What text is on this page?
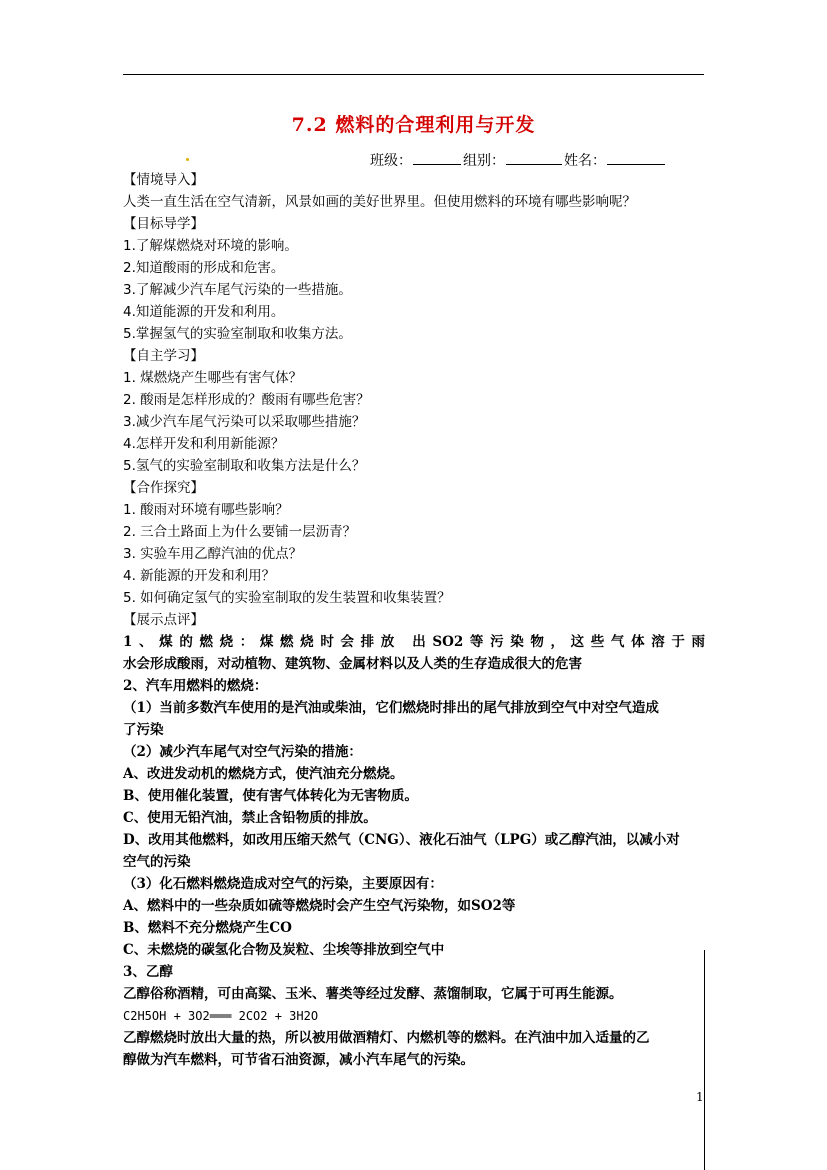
7.2 燃料的合理利用与开发
班级：	组别：	姓名：
【情境导入】
人类一直生活在空气清新，风景如画的美好世界里。但使用燃料的环境有哪些影响呢？
【目标导学】
1.了解煤燃烧对环境的影响。
2.知道酸雨的形成和危害。
3.了解减少汽车尾气污染的一些措施。
4.知道能源的开发和利用。
5.掌握氢气的实验室制取和收集方法。
【自主学习】
1. 煤燃烧产生哪些有害气体？
2. 酸雨是怎样形成的？酸雨有哪些危害？
3.减少汽车尾气污染可以采取哪些措施？
4.怎样开发和利用新能源？
5.氢气的实验室制取和收集方法是什么？
【合作探究】
1. 酸雨对环境有哪些影响？
2. 三合土路面上为什么要铺一层沥青？
3. 实验车用乙醇汽油的优点？
4. 新能源的开发和利用？
5. 如何确定氢气的实验室制取的发生装置和收集装置？
【展示点评】
1、煤的燃烧：煤燃烧时会排放 出SO2等污染物，这些气体溶于雨
水会形成酸雨，对动植物、建筑物、金属材料以及人类的生存造成很大的危害
2、汽车用燃料的燃烧：
（1）当前多数汽车使用的是汽油或柴油，它们燃烧时排出的尾气排放到空气中对空气造成
了污染
（2）减少汽车尾气对空气污染的措施：
A、改进发动机的燃烧方式，使汽油充分燃烧。
B、使用催化装置，使有害气体转化为无害物质。
C、使用无铅汽油，禁止含铅物质的排放。
D、改用其他燃料，如改用压缩天然气（CNG）、液化石油气（LPG）或乙醇汽油，以减小对
空气的污染
（3）化石燃料燃烧造成对空气的污染，主要原因有：
A、燃料中的一些杂质如硫等燃烧时会产生空气污染物，如SO2等
B、燃料不充分燃烧产生CO
C、未燃烧的碳氢化合物及炭粒、尘埃等排放到空气中
3、乙醇
乙醇俗称酒精，可由高粱、玉米、薯类等经过发酵、蒸馏制取，它属于可再生能源。
C2H5OH + 3O2═══ 2CO2 + 3H2O
乙醇燃烧时放出大量的热，所以被用做酒精灯、内燃机等的燃料。在汽油中加入适量的乙
醇做为汽车燃料，可节省石油资源，减小汽车尾气的污染。
1
